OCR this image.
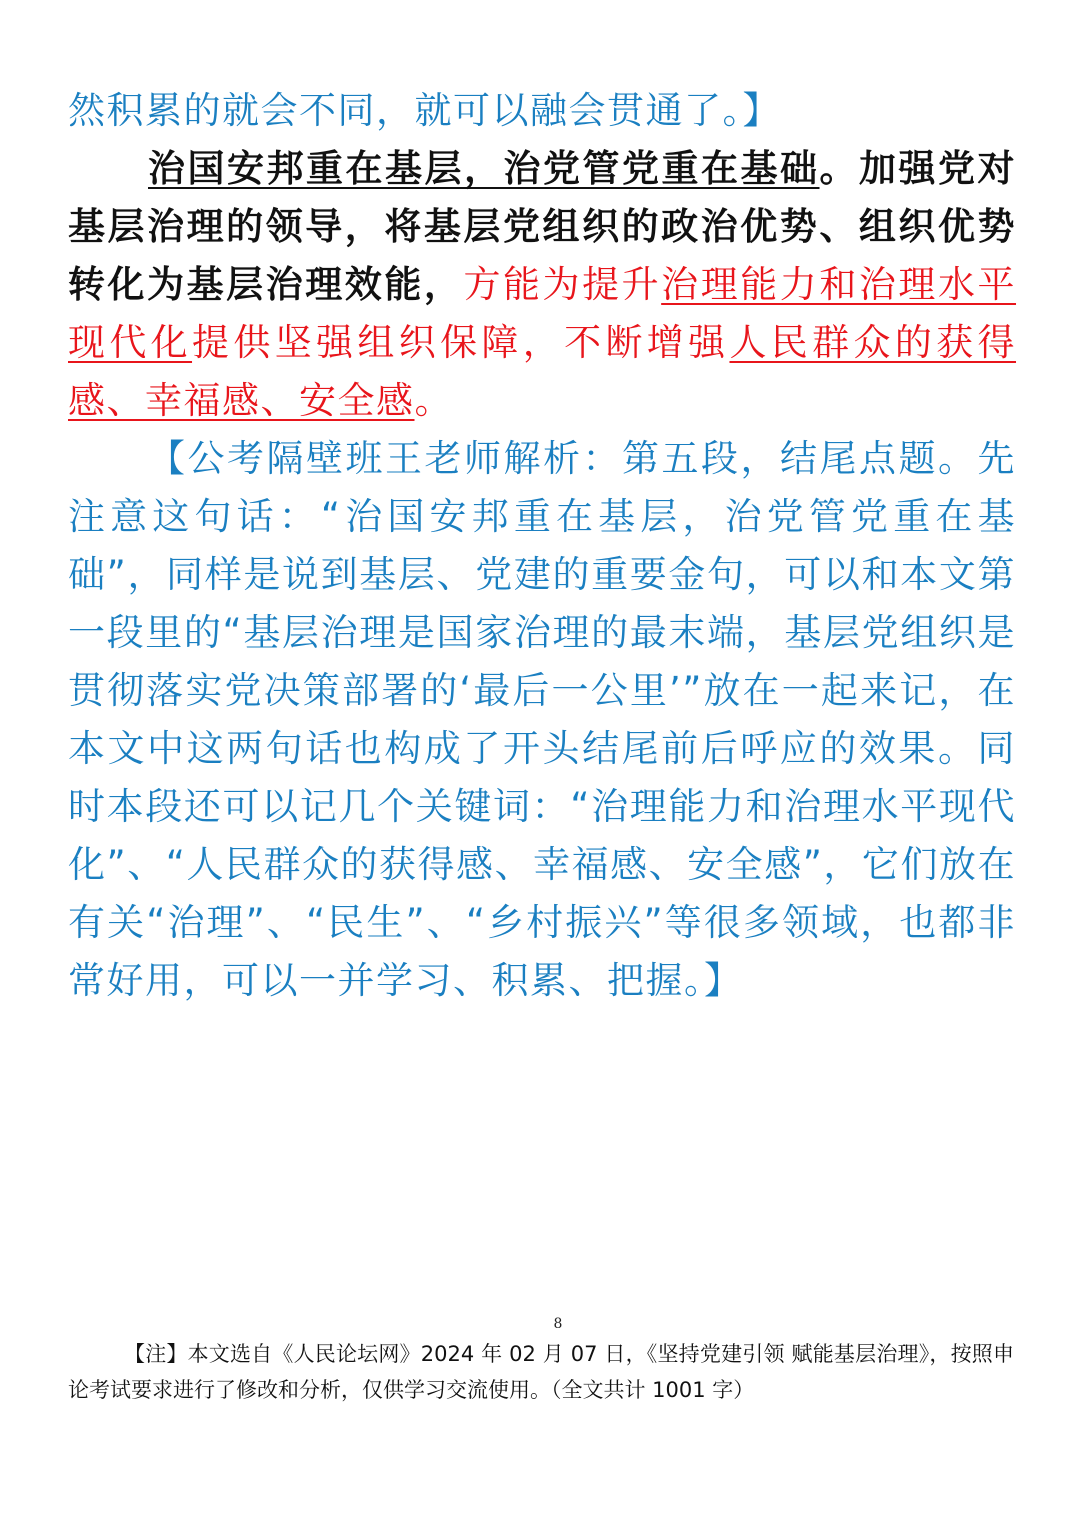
然积累的就会不同，就可以融会贯通了。】

治国安邦重在基层，治党管党重在基础。加强党对基层治理的领导，将基层党组织的政治优势、组织优势转化为基层治理效能，方能为提升治理能力和治理水平现代化提供坚强组织保障，不断增强人民群众的获得感、幸福感、安全感。

【公考隔壁班王老师解析：第五段，结尾点题。先注意这句话：“治国安邦重在基层，治党管党重在基础”，同样是说到基层、党建的重要金句，可以和本文第一段里的“基层治理是国家治理的最末端，基层党组织是贯彻落实党决策部署的‘最后一公里’”放在一起来记，在本文中这两句话也构成了开头结尾前后呼应的效果。同时本段还可以记几个关键词：“治理能力和治理水平现代化”、“人民群众的获得感、幸福感、安全感”，它们放在有关“治理”、“民生”、“乡村振兴”等很多领域，也都非常好用，可以一并学习、积累、把握。】

8

【注】本文选自《人民论坛网》2024 年 02 月 07 日，《坚持党建引领 赋能基层治理》，按照申论考试要求进行了修改和分析，仅供学习交流使用。（全文共计 1001 字）
